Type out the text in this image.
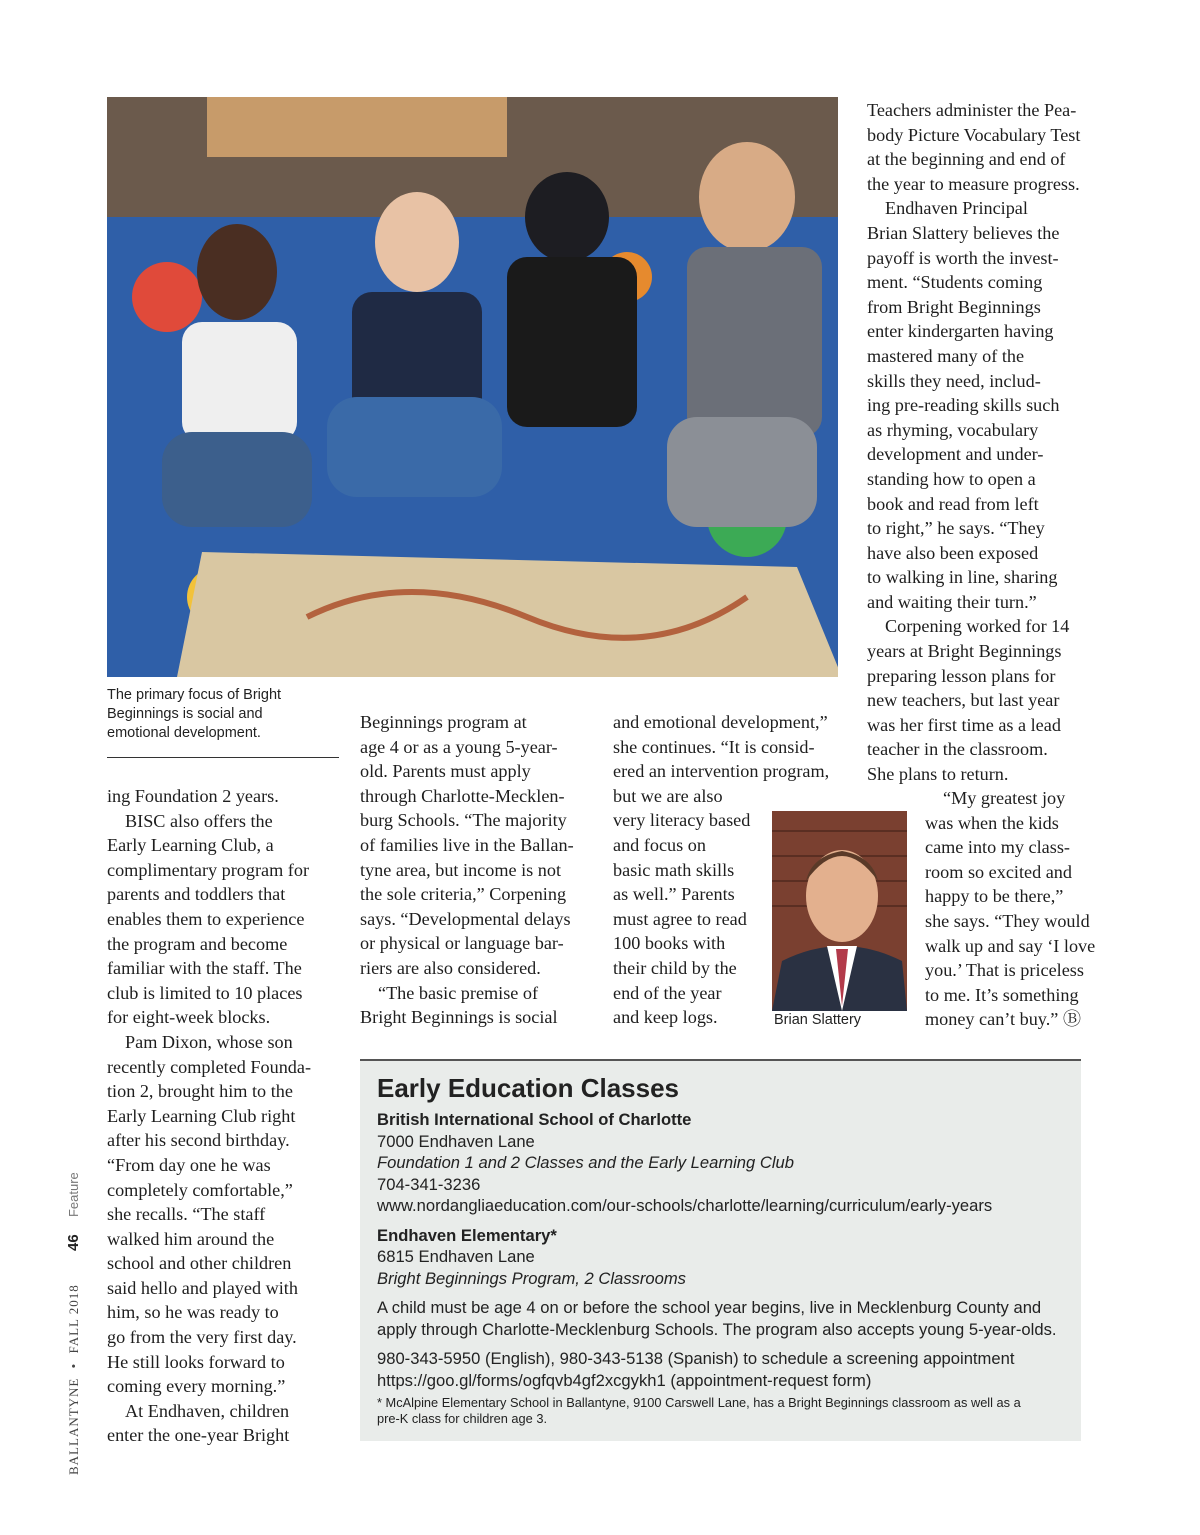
The primary focus of Bright
Beginnings is social and
emotional development.
ing Foundation 2 years.
BISC also offers the
Early Learning Club, a
complimentary program for
parents and toddlers that
enables them to experience
the program and become
familiar with the staff. The
club is limited to 10 places
for eight-week blocks.
Pam Dixon, whose son
recently completed Founda-
tion 2, brought him to the
Early Learning Club right
after his second birthday.
“From day one he was
completely comfortable,”
she recalls. “The staff
walked him around the
school and other children
said hello and played with
him, so he was ready to
go from the very first day.
He still looks forward to
coming every morning.”
At Endhaven, children
enter the one-year Bright
Beginnings program at
age 4 or as a young 5-year-
old. Parents must apply
through Charlotte-Mecklen-
burg Schools. “The majority
of families live in the Ballan-
tyne area, but income is not
the sole criteria,” Corpening
says. “Developmental delays
or physical or language bar-
riers are also considered.
“The basic premise of
Bright Beginnings is social
and emotional development,”
she continues. “It is consid-
ered an intervention program,
but we are also
very literacy based
and focus on
basic math skills
as well.” Parents
must agree to read
100 books with
their child by the
end of the year
and keep logs.	Brian Slattery
Teachers administer the Pea-
body Picture Vocabulary Test
at the beginning and end of
the year to measure progress.
Endhaven Principal
Brian Slattery believes the
payoff is worth the invest-
ment. “Students coming
from Bright Beginnings
enter kindergarten having
mastered many of the
skills they need, includ-
ing pre-reading skills such
as rhyming, vocabulary
development and under-
standing how to open a
book and read from left
to right,” he says. “They
have also been exposed
to walking in line, sharing
and waiting their turn.”
Corpening worked for 14
years at Bright Beginnings
preparing lesson plans for
new teachers, but last year
was her first time as a lead
teacher in the classroom.
She plans to return.
“My greatest joy
was when the kids
came into my class-
room so excited and
happy to be there,”
she says. “They would
walk up and say ‘I love
you.’ That is priceless
to me. It’s something
money can’t buy.” Ⓑ
Early Education Classes
British International School of Charlotte
7000 Endhaven Lane
Foundation 1 and 2 Classes and the Early Learning Club
704-341-3236
www.nordangliaeducation.com/our-schools/charlotte/learning/curriculum/early-years
Endhaven Elementary*
6815 Endhaven Lane
Bright Beginnings Program, 2 Classrooms
A child must be age 4 on or before the school year begins, live in Mecklenburg County and
apply through Charlotte-Mecklenburg Schools. The program also accepts young 5-year-olds.
980-343-5950 (English), 980-343-5138 (Spanish) to schedule a screening appointment
https://goo.gl/forms/ogfqvb4gf2xcgykh1 (appointment-request form)
* McAlpine Elementary School in Ballantyne, 9100 Carswell Lane, has a Bright Beginnings classroom as well as a
pre-K class for children age 3.
BALLANTYNE • FALL 2018 46 Feature
